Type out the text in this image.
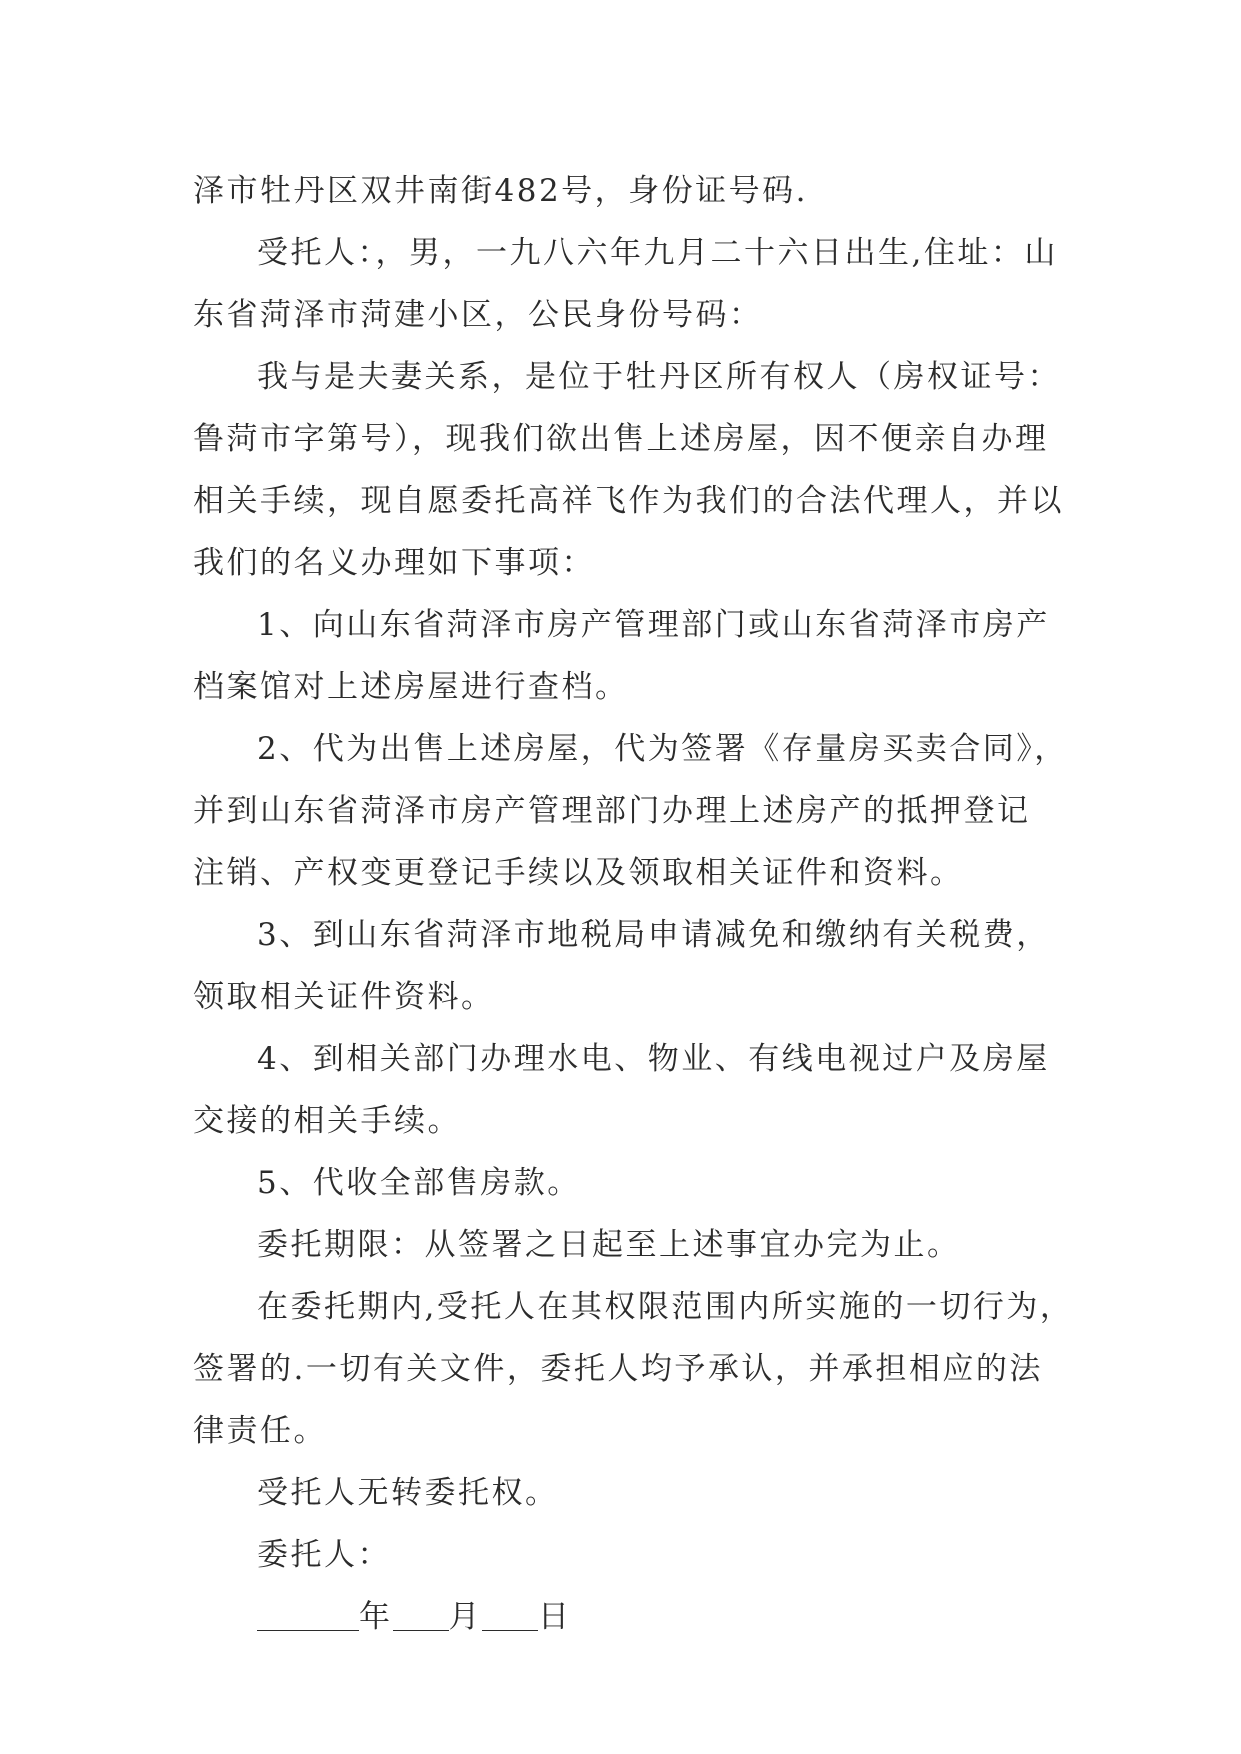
泽市牡丹区双井南街482号，身份证号码.
受托人：，男，一九八六年九月二十六日出生,住址：山
东省菏泽市菏建小区，公民身份号码：
我与是夫妻关系，是位于牡丹区所有权人（房权证号：
鲁菏市字第号），现我们欲出售上述房屋，因不便亲自办理
相关手续，现自愿委托高祥飞作为我们的合法代理人，并以
我们的名义办理如下事项：
1、向山东省菏泽市房产管理部门或山东省菏泽市房产
档案馆对上述房屋进行查档。
2、代为出售上述房屋，代为签署《存量房买卖合同》，
并到山东省菏泽市房产管理部门办理上述房产的抵押登记
注销、产权变更登记手续以及领取相关证件和资料。
3、到山东省菏泽市地税局申请减免和缴纳有关税费，
领取相关证件资料。
4、到相关部门办理水电、物业、有线电视过户及房屋
交接的相关手续。
5、代收全部售房款。
委托期限：从签署之日起至上述事宜办完为止。
在委托期内,受托人在其权限范围内所实施的一切行为，
签署的.一切有关文件，委托人均予承认，并承担相应的法
律责任。
受托人无转委托权。
委托人：
年 月 日
